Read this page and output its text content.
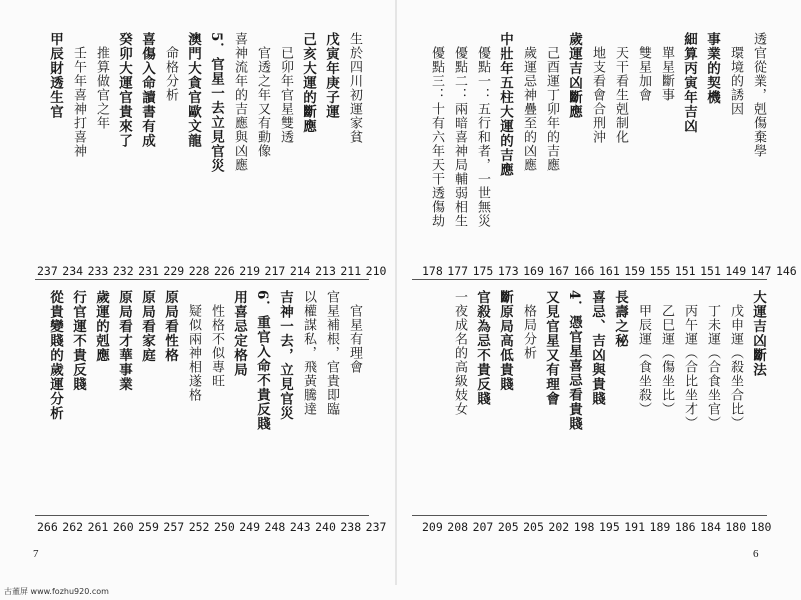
生於四川初運家貧
戊寅年庚子運
己亥大運的斷應
已卯年官星雙透
官透之年又有動像
喜神流年的吉應與凶應
5．官星一去立見官災
澳門大貪官歐文龍
命格分析
喜傷入命讀書有成
癸卯大運官貴來了
推算做官之年
壬午年喜神打喜神
甲辰財透生官
237 234 233 232 231 229 228 226 219 217 214 213 211 210
官星有理會
官星補根，官貴即臨
以權謀私，飛黃騰達
吉神一去，立見官災
6．重官入命不貴反賤
用喜忌定格局
性格不似專旺
疑似兩神相遂格
原局看性格
原局看家庭
原局看才華事業
歲運的剋應
行官運不貴反賤
從貴變賤的歲運分析
266 262 261 260 259 257 252 250 249 248 243 240 238 237
7
透官從業，剋傷棄學
環境的誘因
事業的契機
細算丙寅年吉凶
單星斷事
雙星加會
天干看生剋制化
地支看會合刑沖
歲運吉凶斷應
己酉運丁卯年的吉應
歲運忌神疊至的凶應
中壯年五柱大運的吉應
優點一：五行和者，一世無災
優點二：兩暗喜神局輔弱相生
優點三：十有六年天干透傷劫
178 177 175 173 169 167 166 161 159 155 151 151 149 147 146
大運吉凶斷法
戊申運（殺坐合比）
丁未運（合食坐官）
丙午運（合比坐才）
乙巳運（傷坐比）
甲辰運（食坐殺）
長壽之秘
喜忌、吉凶與貴賤
4．憑官星喜忌看貴賤
又見官星又有理會
格局分析
斷原局高低貴賤
官殺為忌不貴反賤
一夜成名的高級妓女
209 208 207 205 205 202 198 195 191 189 186 184 180 180
6
古董屏 www.fozhu920.com
